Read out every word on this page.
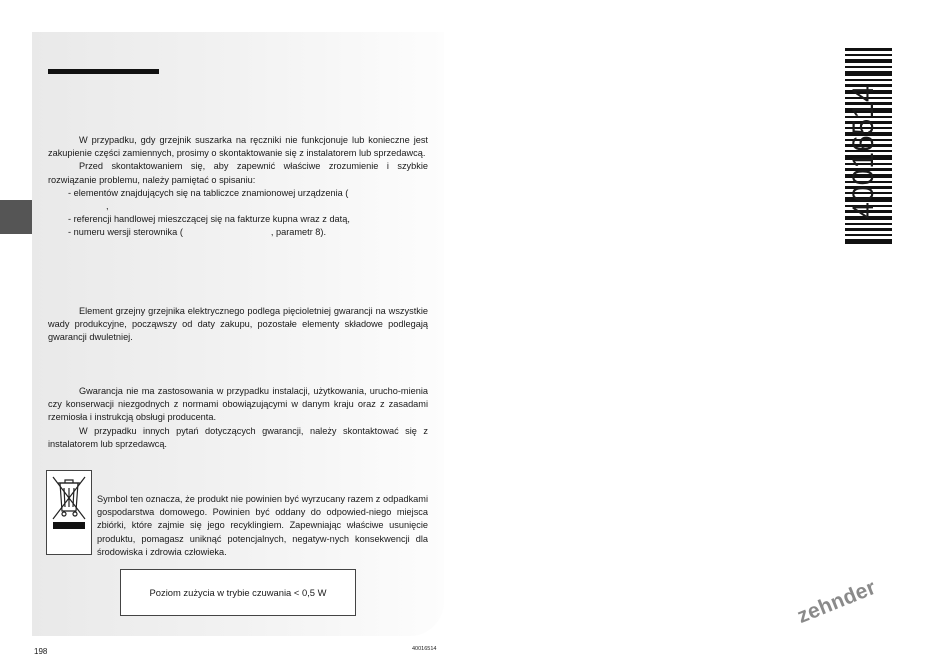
W przypadku, gdy grzejnik suszarka na ręczniki nie funkcjonuje lub konieczne jest zakupienie części zamiennych, prosimy o skontaktowanie się z instalatorem lub sprzedawcą.
Przed skontaktowaniem się, aby zapewnić właściwe zrozumienie i szybkie rozwiązanie problemu, należy pamiętać o spisaniu:
- elementów znajdujących się na tabliczce znamionowej urządzenia (
,
- referencji handlowej mieszczącej się na fakturze kupna wraz z datą,
- numeru wersji sterownika (	, parametr 8).

Element grzejny grzejnika elektrycznego podlega pięcioletniej gwarancji na wszystkie wady produkcyjne, począwszy od daty zakupu, pozostałe elementy składowe podlegają gwarancji dwuletniej.

Gwarancja nie ma zastosowania w przypadku instalacji, użytkowania, urucho-mienia czy konserwacji niezgodnych z normami obowiązującymi w danym kraju oraz z zasadami rzemiosła i instrukcją obsługi producenta.
W przypadku innych pytań dotyczących gwarancji, należy skontaktować się z instalatorem lub sprzedawcą.

Symbol ten oznacza, że produkt nie powinien być wyrzucany razem z odpadkami gospodarstwa domowego. Powinien być oddany do odpowied-niego miejsca zbiórki, które zajmie się jego recyklingiem. Zapewniając właściwe usunięcie produktu, pomagasz uniknąć potencjalnych, negatyw-nych konsekwencji dla środowiska i zdrowia człowieka.

Poziom zużycia w trybie czuwania < 0,5 W
198	40016514
40016514
zehnder
